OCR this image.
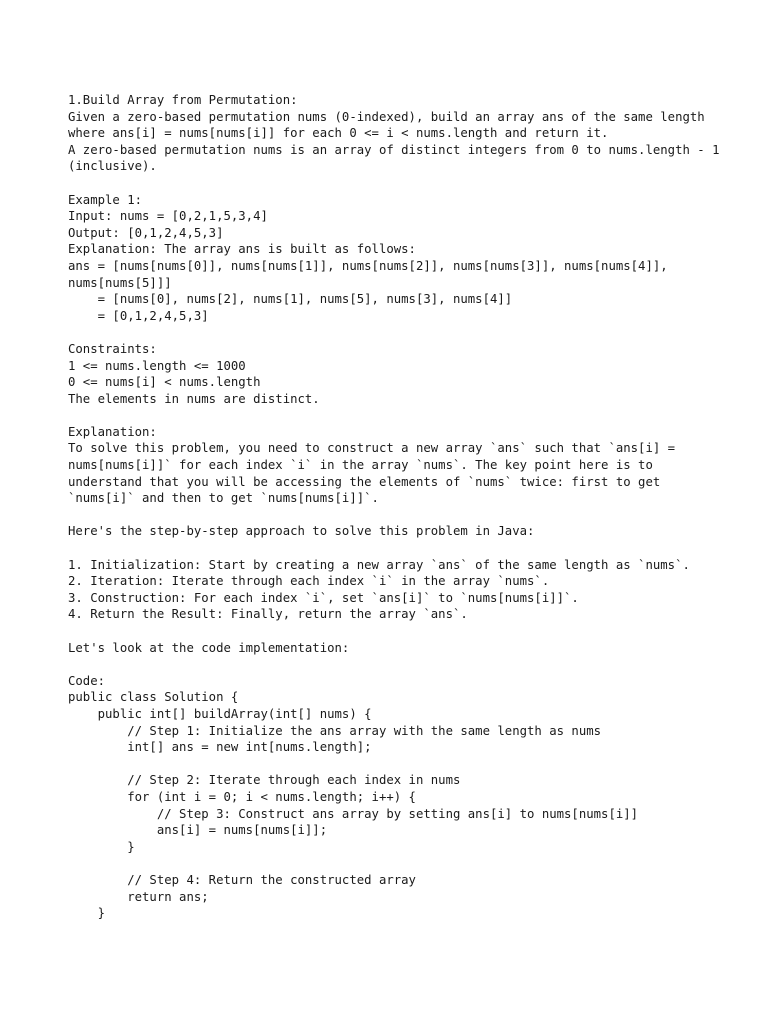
1.Build Array from Permutation:
Given a zero-based permutation nums (0-indexed), build an array ans of the same length
where ans[i] = nums[nums[i]] for each 0 <= i < nums.length and return it.
A zero-based permutation nums is an array of distinct integers from 0 to nums.length - 1
(inclusive).
Example 1:
Input: nums = [0,2,1,5,3,4]
Output: [0,1,2,4,5,3]
Explanation: The array ans is built as follows:
ans = [nums[nums[0]], nums[nums[1]], nums[nums[2]], nums[nums[3]], nums[nums[4]],
nums[nums[5]]]
= [nums[0], nums[2], nums[1], nums[5], nums[3], nums[4]]
= [0,1,2,4,5,3]
Constraints:
1 <= nums.length <= 1000
0 <= nums[i] < nums.length
The elements in nums are distinct.
Explanation:
To solve this problem, you need to construct a new array `ans` such that `ans[i] =
nums[nums[i]]` for each index `i` in the array `nums`. The key point here is to
understand that you will be accessing the elements of `nums` twice: first to get
`nums[i]` and then to get `nums[nums[i]]`.
Here's the step-by-step approach to solve this problem in Java:
1. Initialization: Start by creating a new array `ans` of the same length as `nums`.
2. Iteration: Iterate through each index `i` in the array `nums`.
3. Construction: For each index `i`, set `ans[i]` to `nums[nums[i]]`.
4. Return the Result: Finally, return the array `ans`.
Let's look at the code implementation:
Code:
public class Solution {
public int[] buildArray(int[] nums) {
// Step 1: Initialize the ans array with the same length as nums
int[] ans = new int[nums.length];
// Step 2: Iterate through each index in nums
for (int i = 0; i < nums.length; i++) {
// Step 3: Construct ans array by setting ans[i] to nums[nums[i]]
ans[i] = nums[nums[i]];
}
// Step 4: Return the constructed array
return ans;
}
